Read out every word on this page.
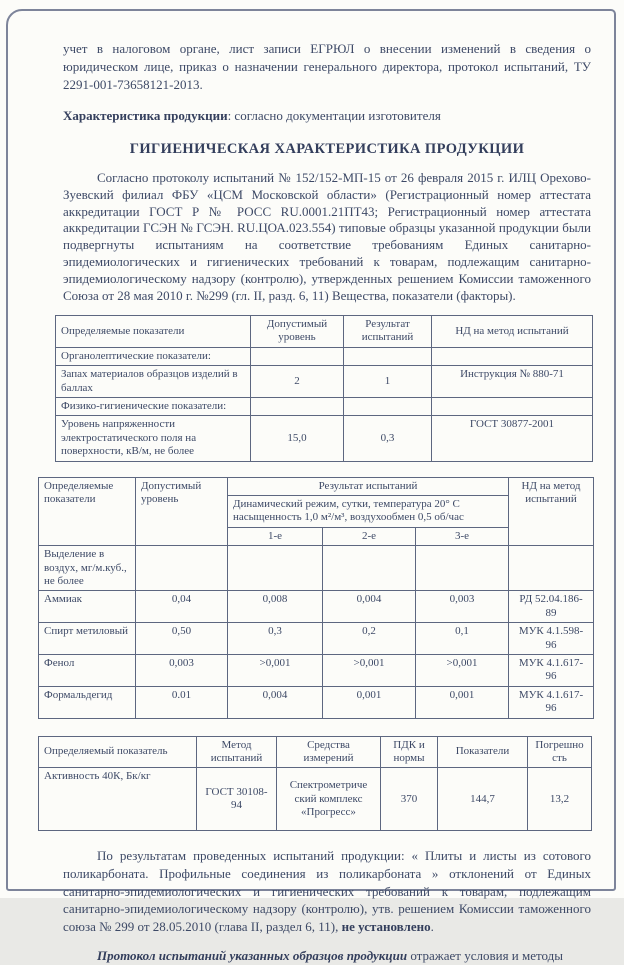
учет в налоговом органе, лист записи ЕГРЮЛ о внесении изменений в сведения о юридическом лице, приказ о назначении генерального директора, протокол испытаний, ТУ 2291-001-73658121-2013.

Характеристика продукции: согласно документации изготовителя

ГИГИЕНИЧЕСКАЯ ХАРАКТЕРИСТИКА ПРОДУКЦИИ

Согласно протоколу испытаний № 152/152-МП-15 от 26 февраля 2015 г. ИЛЦ Орехово-Зуевский филиал ФБУ «ЦСМ Московской области» (Регистрационный номер аттестата аккредитации ГОСТ Р № РОСС RU.0001.21ПТ43; Регистрационный номер аттестата аккредитации ГСЭН № ГСЭН. RU.ЦОА.023.554) типовые образцы указанной продукции были подвергнуты испытаниям на соответствие требованиям Единых санитарно-эпидемиологических и гигиенических требований к товарам, подлежащим санитарно-эпидемиологическому надзору (контролю), утвержденных решением Комиссии таможенного Союза от 28 мая 2010 г. №299 (гл. II, разд. 6, 11) Вещества, показатели (факторы).

Определяемые показатели	Допустимый уровень	Результат испытаний	НД на метод испытаний
Органолептические показатели:			
Запах материалов образцов изделий в баллах	2	1	Инструкция № 880-71
Физико-гигиенические показатели:			
Уровень напряженности электростатического поля на поверхности, кВ/м, не более	15,0	0,3	ГОСТ 30877-2001
Определяемые показатели	Допустимый уровень	Результат испытаний			НД на метод испытаний
		Динамический режим, сутки, температура 20° С насыщенность 1,0 м²/м³, воздухообмен 0,5 об/час			
		1-е	2-е	3-е	
Выделение в воздух, мг/м.куб., не более					
Аммиак	0,04	0,008	0,004	0,003	РД 52.04.186-89
Спирт метиловый	0,50	0,3	0,2	0,1	МУК 4.1.598-96
Фенол	0,003	>0,001	>0,001	>0,001	МУК 4.1.617-96
Формальдегид	0.01	0,004	0,001	0,001	МУК 4.1.617-96
Определяемый показатель	Метод испытаний	Средства измерений	ПДК и нормы	Показатели	Погрешность
Активность 40К, Бк/кг	ГОСТ 30108-94	Спектрометриче ский комплекс «Прогресс»	370	144,7	13,2

По результатам проведенных испытаний продукции: « Плиты и листы из сотового поликарбоната. Профильные соединения из поликарбоната » отклонений от Единых санитарно-эпидемиологических и гигиенических требований к товарам, подлежащим санитарно-эпидемиологическому надзору (контролю), утв. решением Комиссии таможенного союза № 299 от 28.05.2010 (глава II, раздел 6, 11), не установлено.

Протокол испытаний указанных образцов продукции отражает условия и методы
